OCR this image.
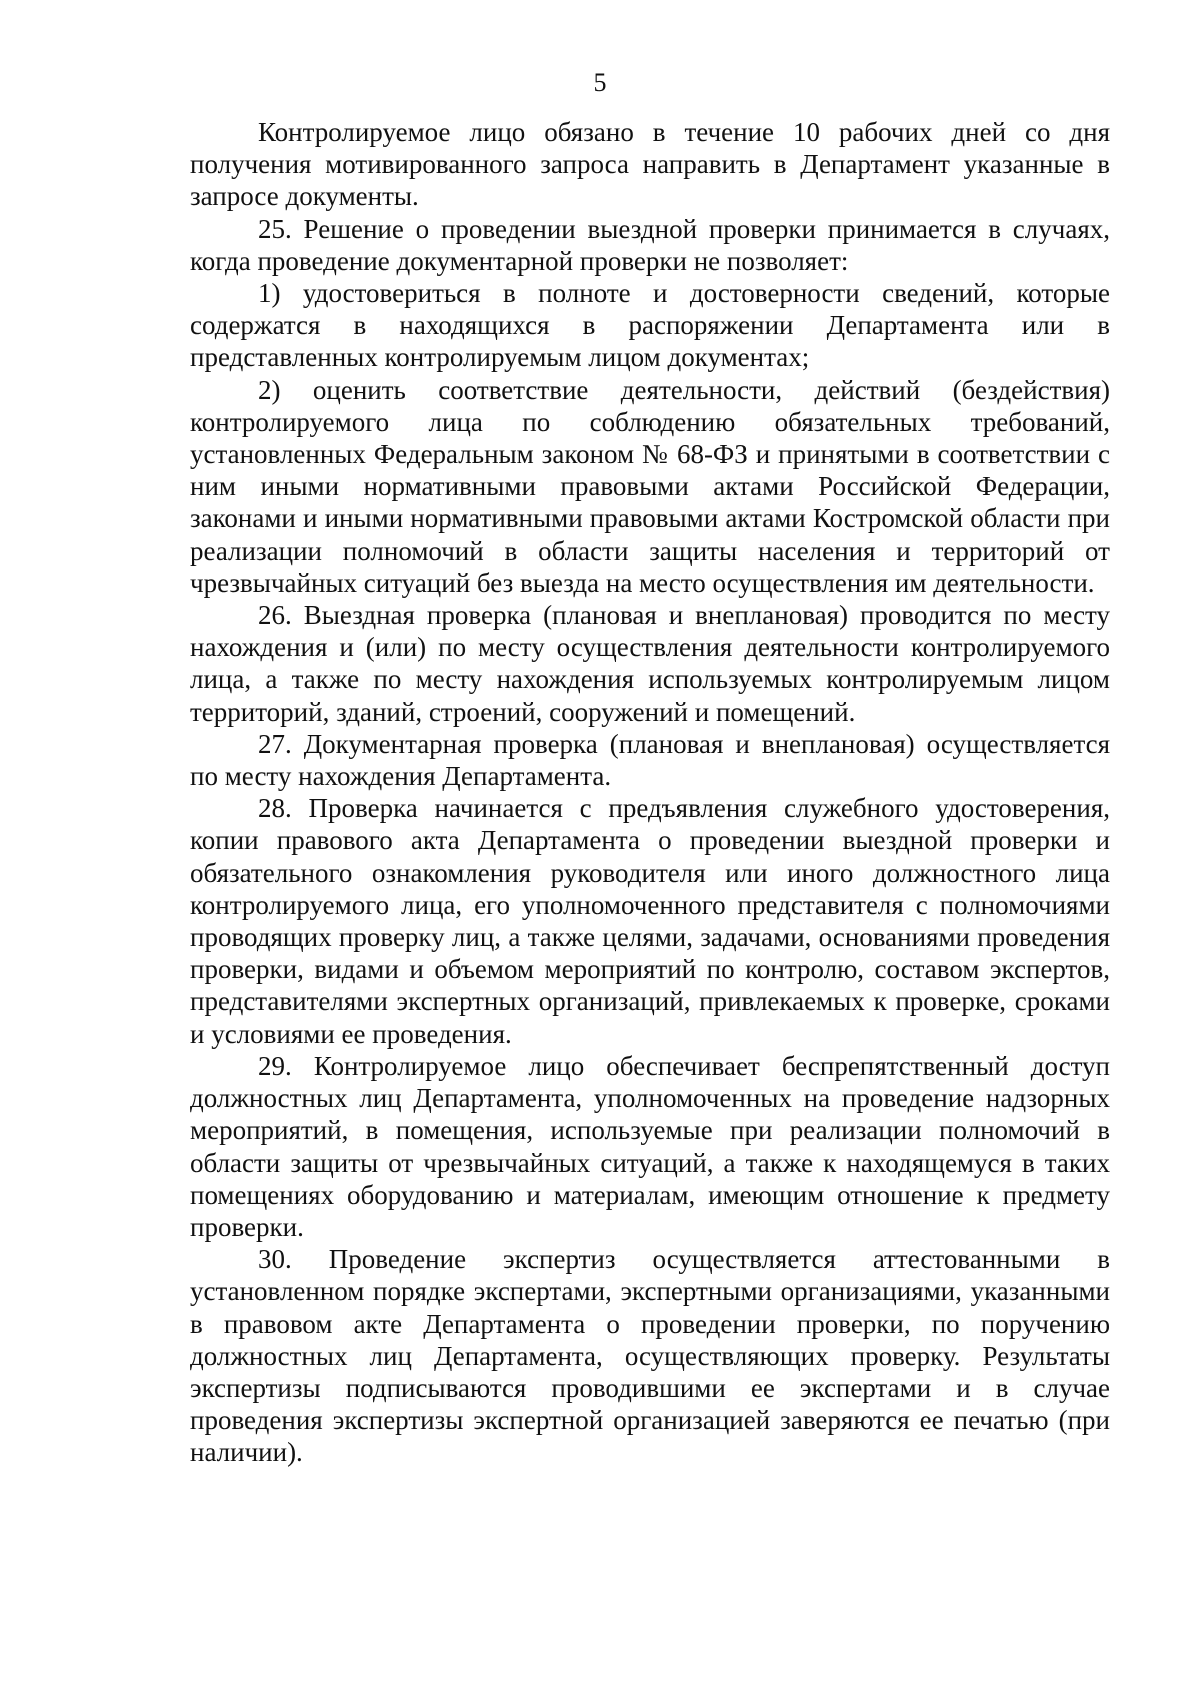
5

Контролируемое лицо обязано в течение 10 рабочих дней со дня получения мотивированного запроса направить в Департамент указанные в запросе документы.

25. Решение о проведении выездной проверки принимается в случаях, когда проведение документарной проверки не позволяет:

1) удостовериться в полноте и достоверности сведений, которые содержатся в находящихся в распоряжении Департамента или в представленных контролируемым лицом документах;

2) оценить соответствие деятельности, действий (бездействия) контролируемого лица по соблюдению обязательных требований, установленных Федеральным законом № 68-ФЗ и принятыми в соответствии с ним иными нормативными правовыми актами Российской Федерации, законами и иными нормативными правовыми актами Костромской области при реализации полномочий в области защиты населения и территорий от чрезвычайных ситуаций без выезда на место осуществления им деятельности.

26. Выездная проверка (плановая и внеплановая) проводится по месту нахождения и (или) по месту осуществления деятельности контролируемого лица, а также по месту нахождения используемых контролируемым лицом территорий, зданий, строений, сооружений и помещений.

27. Документарная проверка (плановая и внеплановая) осуществляется по месту нахождения Департамента.

28. Проверка начинается с предъявления служебного удостоверения, копии правового акта Департамента о проведении выездной проверки и обязательного ознакомления руководителя или иного должностного лица контролируемого лица, его уполномоченного представителя с полномочиями проводящих проверку лиц, а также целями, задачами, основаниями проведения проверки, видами и объемом мероприятий по контролю, составом экспертов, представителями экспертных организаций, привлекаемых к проверке, сроками и условиями ее проведения.

29. Контролируемое лицо обеспечивает беспрепятственный доступ должностных лиц Департамента, уполномоченных на проведение надзорных мероприятий, в помещения, используемые при реализации полномочий в области защиты от чрезвычайных ситуаций, а также к находящемуся в таких помещениях оборудованию и материалам, имеющим отношение к предмету проверки.

30. Проведение экспертиз осуществляется аттестованными в установленном порядке экспертами, экспертными организациями, указанными в правовом акте Департамента о проведении проверки, по поручению должностных лиц Департамента, осуществляющих проверку. Результаты экспертизы подписываются проводившими ее экспертами и в случае проведения экспертизы экспертной организацией заверяются ее печатью (при наличии).
